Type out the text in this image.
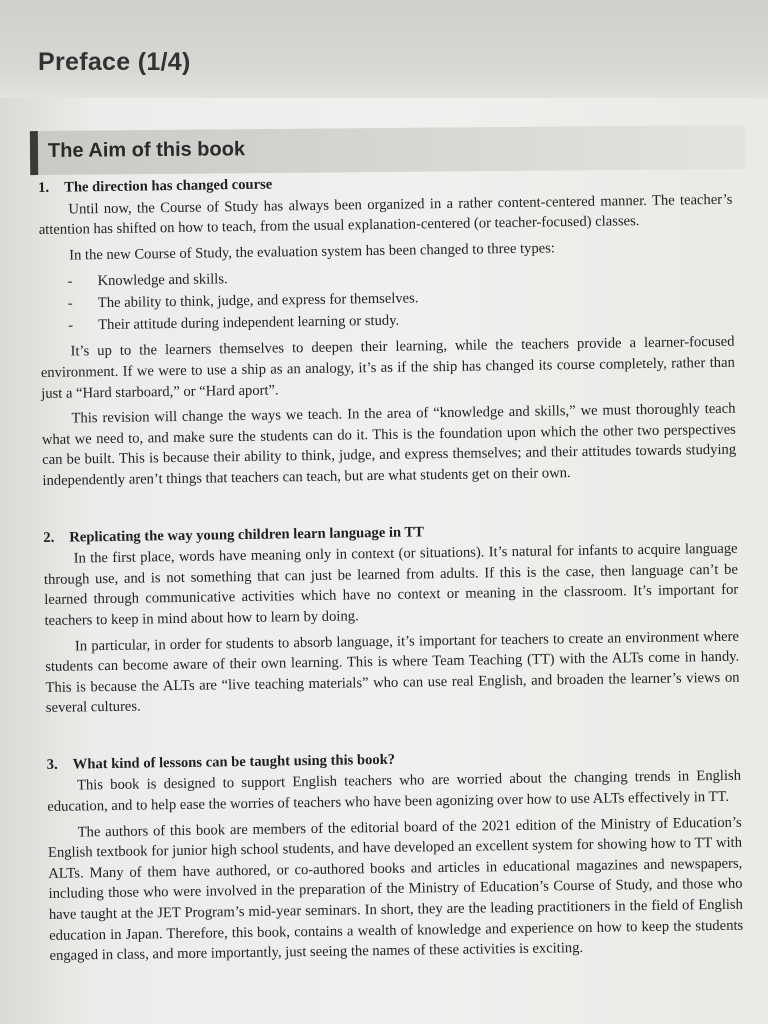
Preface (1/4)
The Aim of this book
1. The direction has changed course

Until now, the Course of Study has always been organized in a rather content-centered manner. The teacher’s attention has shifted on how to teach, from the usual explanation-centered (or teacher-focused) classes.

In the new Course of Study, the evaluation system has been changed to three types:

-	Knowledge and skills.
-	The ability to think, judge, and express for themselves.
-	Their attitude during independent learning or study.

It’s up to the learners themselves to deepen their learning, while the teachers provide a learner-focused environment. If we were to use a ship as an analogy, it’s as if the ship has changed its course completely, rather than just a “Hard starboard,” or “Hard aport”.

This revision will change the ways we teach. In the area of “knowledge and skills,” we must thoroughly teach what we need to, and make sure the students can do it. This is the foundation upon which the other two perspectives can be built. This is because their ability to think, judge, and express themselves; and their attitudes towards studying independently aren’t things that teachers can teach, but are what students get on their own.

2. Replicating the way young children learn language in TT

In the first place, words have meaning only in context (or situations). It’s natural for infants to acquire language through use, and is not something that can just be learned from adults. If this is the case, then language can’t be learned through communicative activities which have no context or meaning in the classroom. It’s important for teachers to keep in mind about how to learn by doing.

In particular, in order for students to absorb language, it’s important for teachers to create an environment where students can become aware of their own learning. This is where Team Teaching (TT) with the ALTs come in handy. This is because the ALTs are “live teaching materials” who can use real English, and broaden the learner’s views on several cultures.

3. What kind of lessons can be taught using this book?

This book is designed to support English teachers who are worried about the changing trends in English education, and to help ease the worries of teachers who have been agonizing over how to use ALTs effectively in TT.

The authors of this book are members of the editorial board of the 2021 edition of the Ministry of Education’s English textbook for junior high school students, and have developed an excellent system for showing how to TT with ALTs. Many of them have authored, or co-authored books and articles in educational magazines and newspapers, including those who were involved in the preparation of the Ministry of Education’s Course of Study, and those who have taught at the JET Program’s mid-year seminars. In short, they are the leading practitioners in the field of English education in Japan. Therefore, this book, contains a wealth of knowledge and experience on how to keep the students engaged in class, and more importantly, just seeing the names of these activities is exciting.
